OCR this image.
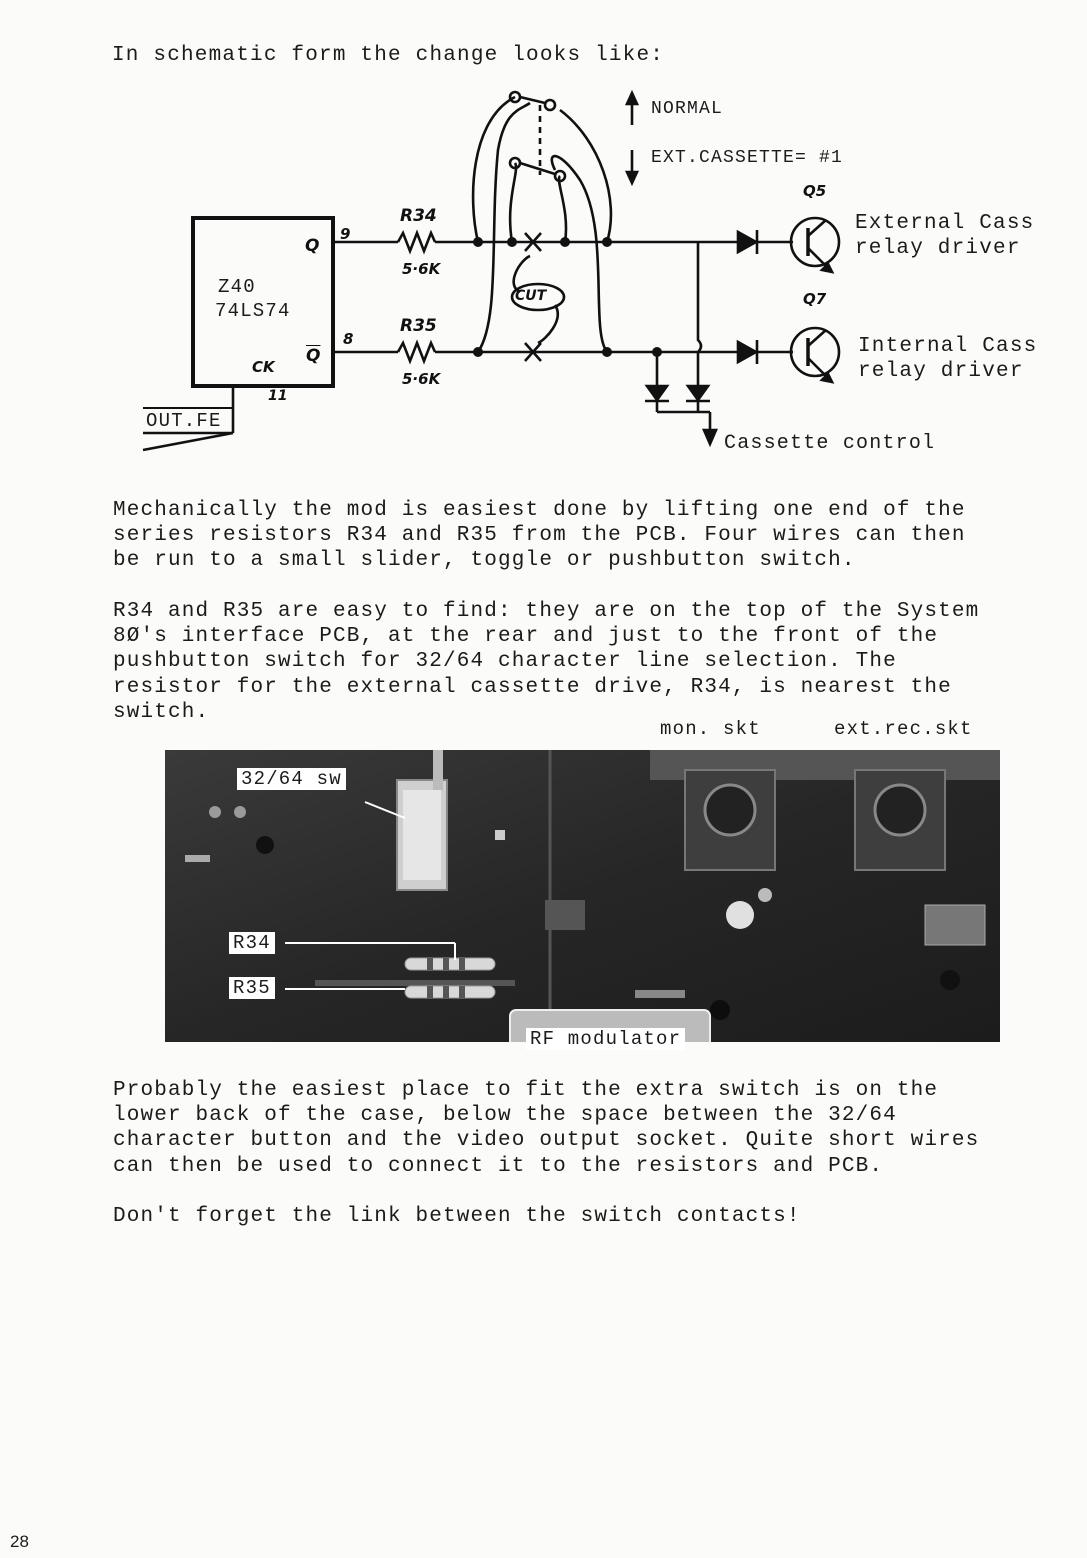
In schematic form the change looks like:
Z40
74LS74
Q
$\overline{Q}$
CK
9
8
11
R34
5·6K
R35
5·6K
CUT
NORMAL
EXT.CASSETTE= #1
Q5
Q7
External Cass
relay driver
Internal Cass
relay driver
Cassette control
OUT.FE
Mechanically the mod is easiest done by lifting one end of the
series resistors R34 and R35 from the PCB. Four wires can then
be run to a small slider, toggle or pushbutton switch.
R34 and R35 are easy to find: they are on the top of the System
8Ø's interface PCB, at the rear and just to the front of the
pushbutton switch for 32/64 character line selection. The
resistor for the external cassette drive, R34, is nearest the
switch.
mon. skt	ext.rec.skt
32/64 sw
R34
R35
RF modulator
Probably the easiest place to fit the extra switch is on the
lower back of the case, below the space between the 32/64
character button and the video output socket. Quite short wires
can then be used to connect it to the resistors and PCB.
Don't forget the link between the switch contacts!
28
